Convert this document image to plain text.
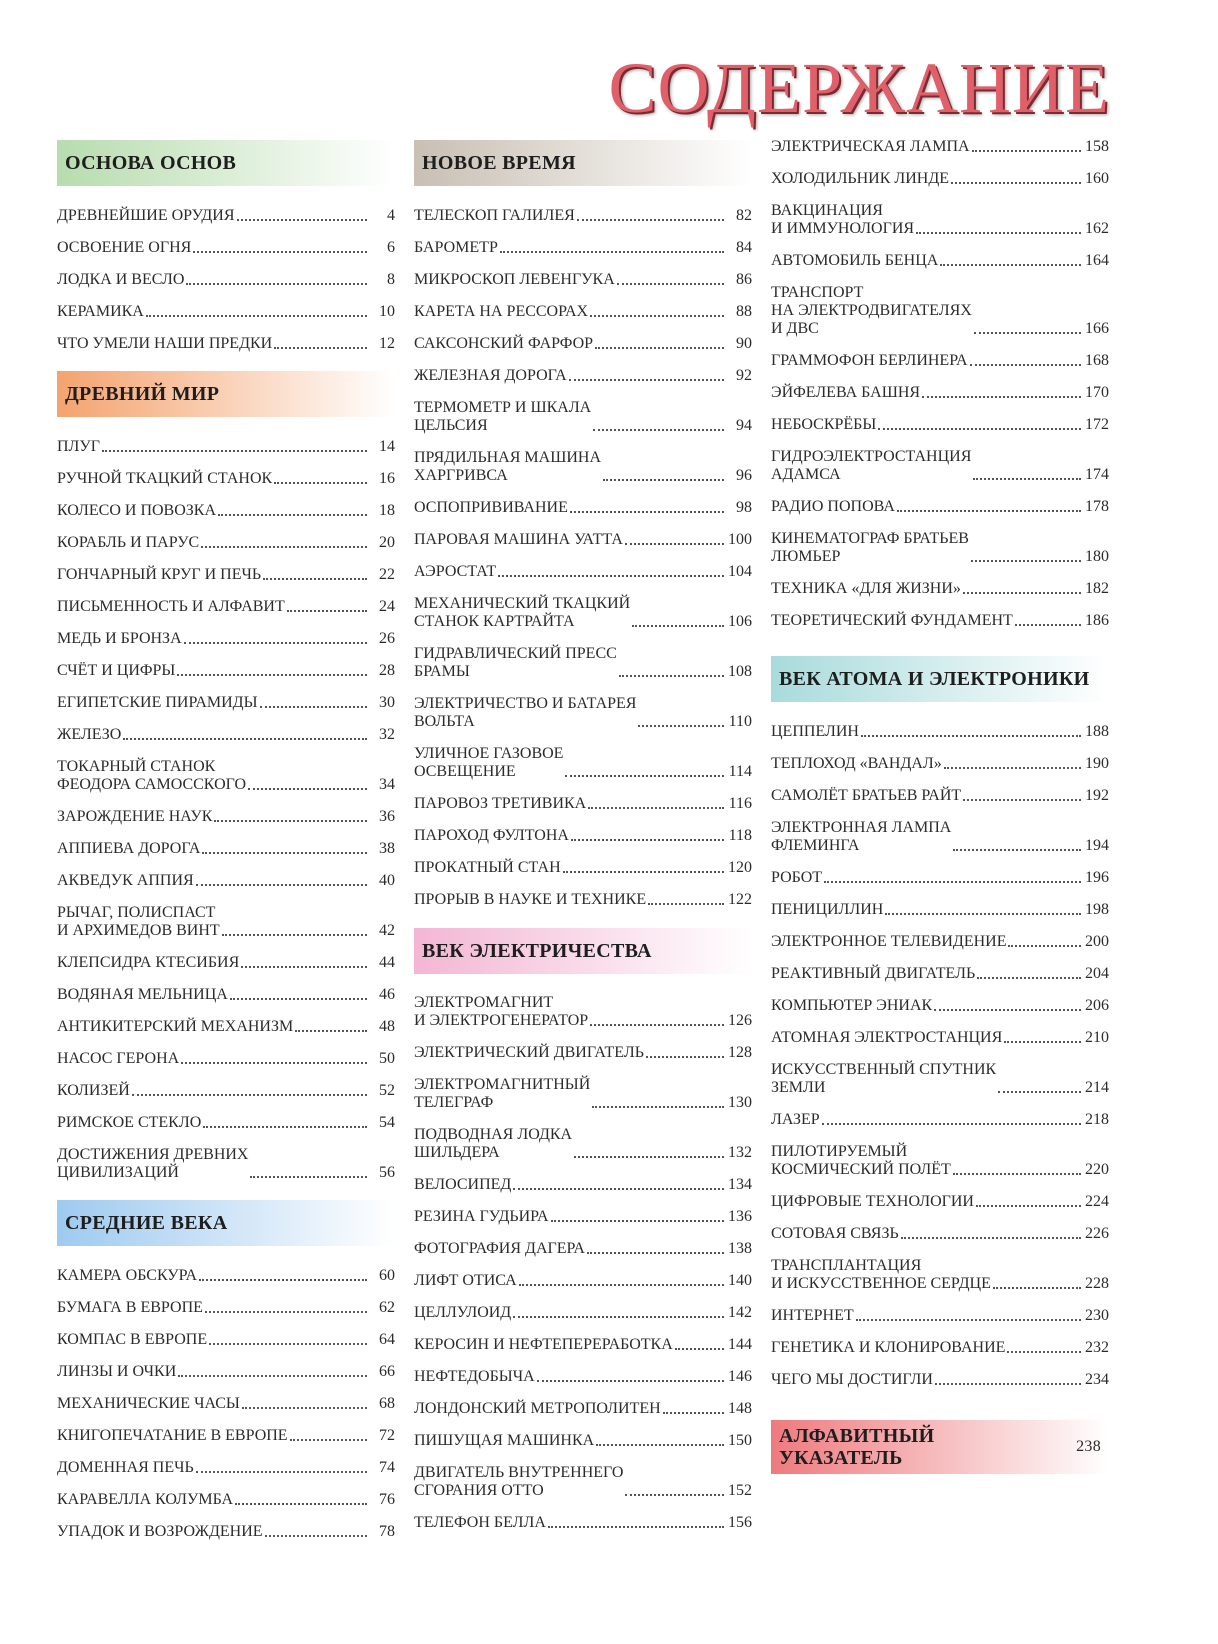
СОДЕРЖАНИЕ
ОСНОВА ОСНОВ
ДРЕВНЕЙШИЕ ОРУДИЯ	4
ОСВОЕНИЕ ОГНЯ	6
ЛОДКА И ВЕСЛО	8
КЕРАМИКА	10
ЧТО УМЕЛИ НАШИ ПРЕДКИ	12
ДРЕВНИЙ МИР
ПЛУГ	14
РУЧНОЙ ТКАЦКИЙ СТАНОК	16
КОЛЕСО И ПОВОЗКА	18
КОРАБЛЬ И ПАРУС	20
ГОНЧАРНЫЙ КРУГ И ПЕЧЬ	22
ПИСЬМЕННОСТЬ И АЛФАВИТ	24
МЕДЬ И БРОНЗА	26
СЧЁТ И ЦИФРЫ	28
ЕГИПЕТСКИЕ ПИРАМИДЫ	30
ЖЕЛЕЗО	32
ТОКАРНЫЙ СТАНОК
ФЕОДОРА САМОССКОГО	34
ЗАРОЖДЕНИЕ НАУК	36
АППИЕВА ДОРОГА	38
АКВЕДУК АППИЯ	40
РЫЧАГ, ПОЛИСПАСТ
И АРХИМЕДОВ ВИНТ	42
КЛЕПСИДРА КТЕСИБИЯ	44
ВОДЯНАЯ МЕЛЬНИЦА	46
АНТИКИТЕРСКИЙ МЕХАНИЗМ	48
НАСОС ГЕРОНА	50
КОЛИЗЕЙ	52
РИМСКОЕ СТЕКЛО	54
ДОСТИЖЕНИЯ ДРЕВНИХ
ЦИВИЛИЗАЦИЙ	56
СРЕДНИЕ ВЕКА
КАМЕРА ОБСКУРА	60
БУМАГА В ЕВРОПЕ	62
КОМПАС В ЕВРОПЕ	64
ЛИНЗЫ И ОЧКИ	66
МЕХАНИЧЕСКИЕ ЧАСЫ	68
КНИГОПЕЧАТАНИЕ В ЕВРОПЕ	72
ДОМЕННАЯ ПЕЧЬ	74
КАРАВЕЛЛА КОЛУМБА	76
УПАДОК И ВОЗРОЖДЕНИЕ	78
НОВОЕ ВРЕМЯ
ТЕЛЕСКОП ГАЛИЛЕЯ	82
БАРОМЕТР	84
МИКРОСКОП ЛЕВЕНГУКА	86
КАРЕТА НА РЕССОРАХ	88
САКСОНСКИЙ ФАРФОР	90
ЖЕЛЕЗНАЯ ДОРОГА	92
ТЕРМОМЕТР И ШКАЛА
ЦЕЛЬСИЯ	94
ПРЯДИЛЬНАЯ МАШИНА
ХАРГРИВСА	96
ОСПОПРИВИВАНИЕ	98
ПАРОВАЯ МАШИНА УАТТА	100
АЭРОСТАТ	104
МЕХАНИЧЕСКИЙ ТКАЦКИЙ
СТАНОК КАРТРАЙТА	106
ГИДРАВЛИЧЕСКИЙ ПРЕСС
БРАМЫ	108
ЭЛЕКТРИЧЕСТВО И БАТАРЕЯ
ВОЛЬТА	110
УЛИЧНОЕ ГАЗОВОЕ
ОСВЕЩЕНИЕ	114
ПАРОВОЗ ТРЕТИВИКА	116
ПАРОХОД ФУЛТОНА	118
ПРОКАТНЫЙ СТАН	120
ПРОРЫВ В НАУКЕ И ТЕХНИКЕ	122
ВЕК ЭЛЕКТРИЧЕСТВА
ЭЛЕКТРОМАГНИТ
И ЭЛЕКТРОГЕНЕРАТОР	126
ЭЛЕКТРИЧЕСКИЙ ДВИГАТЕЛЬ	128
ЭЛЕКТРОМАГНИТНЫЙ
ТЕЛЕГРАФ	130
ПОДВОДНАЯ ЛОДКА
ШИЛЬДЕРА	132
ВЕЛОСИПЕД	134
РЕЗИНА ГУДЬИРА	136
ФОТОГРАФИЯ ДАГЕРА	138
ЛИФТ ОТИСА	140
ЦЕЛЛУЛОИД	142
КЕРОСИН И НЕФТЕПЕРЕРАБОТКА	144
НЕФТЕДОБЫЧА	146
ЛОНДОНСКИЙ МЕТРОПОЛИТЕН	148
ПИШУЩАЯ МАШИНКА	150
ДВИГАТЕЛЬ ВНУТРЕННЕГО
СГОРАНИЯ ОТТО	152
ТЕЛЕФОН БЕЛЛА	156
ЭЛЕКТРИЧЕСКАЯ ЛАМПА	158
ХОЛОДИЛЬНИК ЛИНДЕ	160
ВАКЦИНАЦИЯ
И ИММУНОЛОГИЯ	162
АВТОМОБИЛЬ БЕНЦА	164
ТРАНСПОРТ
НА ЭЛЕКТРОДВИГАТЕЛЯХ
И ДВС	166
ГРАММОФОН БЕРЛИНЕРА	168
ЭЙФЕЛЕВА БАШНЯ	170
НЕБОСКРЁБЫ	172
ГИДРОЭЛЕКТРОСТАНЦИЯ
АДАМСА	174
РАДИО ПОПОВА	178
КИНЕМАТОГРАФ БРАТЬЕВ
ЛЮМЬЕР	180
ТЕХНИКА «ДЛЯ ЖИЗНИ»	182
ТЕОРЕТИЧЕСКИЙ ФУНДАМЕНТ	186
ВЕК АТОМА И ЭЛЕКТРОНИКИ
ЦЕППЕЛИН	188
ТЕПЛОХОД «ВАНДАЛ»	190
САМОЛЁТ БРАТЬЕВ РАЙТ	192
ЭЛЕКТРОННАЯ ЛАМПА
ФЛЕМИНГА	194
РОБОТ	196
ПЕНИЦИЛЛИН	198
ЭЛЕКТРОННОЕ ТЕЛЕВИДЕНИЕ	200
РЕАКТИВНЫЙ ДВИГАТЕЛЬ	204
КОМПЬЮТЕР ЭНИАК	206
АТОМНАЯ ЭЛЕКТРОСТАНЦИЯ	210
ИСКУССТВЕННЫЙ СПУТНИК
ЗЕМЛИ	214
ЛАЗЕР	218
ПИЛОТИРУЕМЫЙ
КОСМИЧЕСКИЙ ПОЛЁТ	220
ЦИФРОВЫЕ ТЕХНОЛОГИИ	224
СОТОВАЯ СВЯЗЬ	226
ТРАНСПЛАНТАЦИЯ
И ИСКУССТВЕННОЕ СЕРДЦЕ	228
ИНТЕРНЕТ	230
ГЕНЕТИКА И КЛОНИРОВАНИЕ	232
ЧЕГО МЫ ДОСТИГЛИ	234
АЛФАВИТНЫЙ
УКАЗАТЕЛЬ
238
